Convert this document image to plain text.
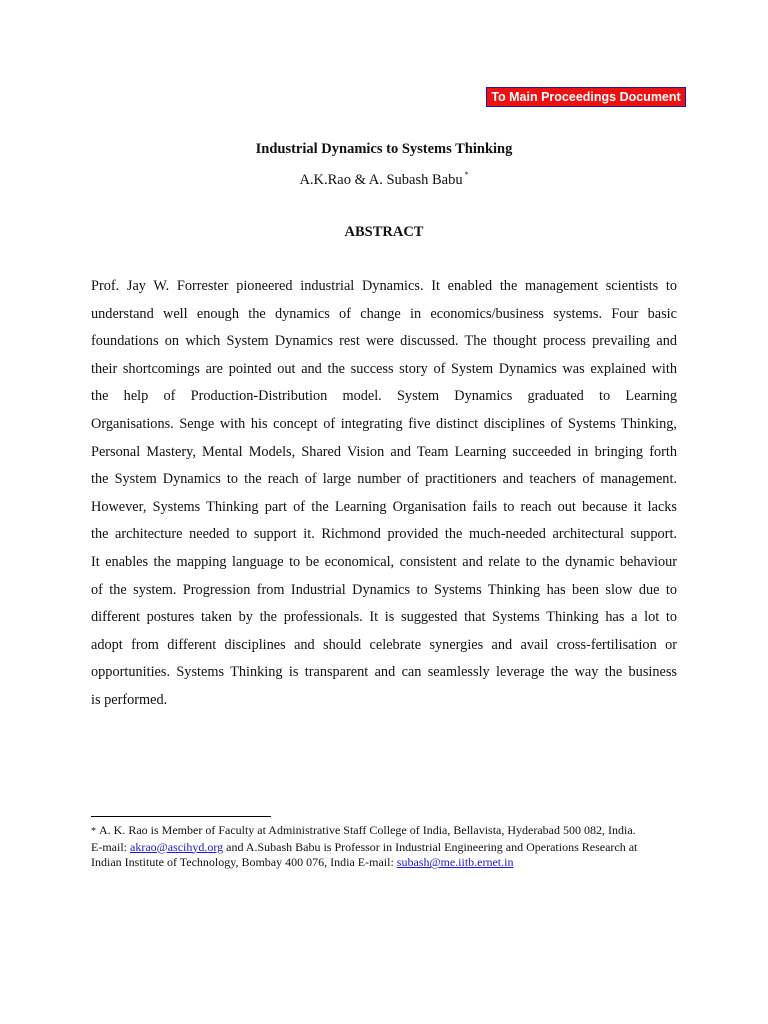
To Main Proceedings Document
Industrial Dynamics to Systems Thinking
A.K.Rao & A. Subash Babu *
ABSTRACT
Prof. Jay W. Forrester pioneered industrial Dynamics. It enabled the management scientists to
understand well enough the dynamics of change in economics/business systems. Four basic
foundations on which System Dynamics rest were discussed. The thought process prevailing and
their shortcomings are pointed out and the success story of System Dynamics was explained with
the help of Production-Distribution model. System Dynamics graduated to Learning
Organisations. Senge with his concept of integrating five distinct disciplines of Systems Thinking,
Personal Mastery, Mental Models, Shared Vision and Team Learning succeeded in bringing forth
the System Dynamics to the reach of large number of practitioners and teachers of management.
However, Systems Thinking part of the Learning Organisation fails to reach out because it lacks
the architecture needed to support it. Richmond provided the much-needed architectural support.
It enables the mapping language to be economical, consistent and relate to the dynamic behaviour
of the system. Progression from Industrial Dynamics to Systems Thinking has been slow due to
different postures taken by the professionals. It is suggested that Systems Thinking has a lot to
adopt from different disciplines and should celebrate synergies and avail cross-fertilisation or
opportunities. Systems Thinking is transparent and can seamlessly leverage the way the business
is performed.
* A. K. Rao is Member of Faculty at Administrative Staff College of India, Bellavista, Hyderabad 500 082, India.
E-mail: akrao@ascihyd.org and A.Subash Babu is Professor in Industrial Engineering and Operations Research at
Indian Institute of Technology, Bombay 400 076, India E-mail: subash@me.iitb.ernet.in
